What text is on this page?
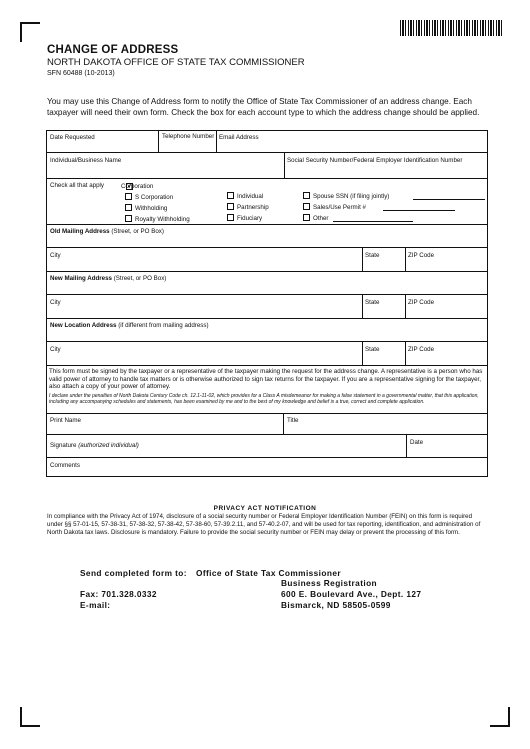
CHANGE OF ADDRESS
NORTH DAKOTA OFFICE OF STATE TAX COMMISSIONER
SFN 60488 (10-2013)
You may use this Change of Address form to notify the Office of State Tax Commissioner of an address change. Each taxpayer will need their own form. Check the box for each account type to which the address change should be applied.
Date Requested	Telephone Number Email Address
Individual/Business Name	Social Security Number/Federal Employer Identification Number
Check all that apply
✓	Corporation
S Corporation
Withholding
Royalty Withholding
Individual
Partnership
Fiduciary
Spouse SSN (if filing jointly)
Sales/Use Permit #
Other
Old Mailing Address (Street, or PO Box)
City	State	ZIP Code
New Mailing Address (Street, or PO Box)
City	State	ZIP Code
New Location Address (if different from mailing address)
City	State	ZIP Code
This form must be signed by the taxpayer or a representative of the taxpayer making the request for the address change. A representative is a person who has valid power of attorney to handle tax matters or is otherwise authorized to sign tax returns for the taxpayer. If you are a representative signing for the taxpayer, also attach a copy of your power of attorney.
I declare under the penalties of North Dakota Century Code ch. 12.1-11-02, which provides for a Class A misdemeanor for making a false statement in a governmental matter, that this application, including any accompanying schedules and statements, has been examined by me and to the best of my knowledge and belief is a true, correct and complete application.
Print Name	Title
Signature (authorized individual)	Date
Comments
PRIVACY ACT NOTIFICATION
In compliance with the Privacy Act of 1974, disclosure of a social security number or Federal Employer Identification Number (FEIN) on this form is required under §§ 57-01-15, 57-38-31, 57-38-32, 57-38-42, 57-38-60, 57-39.2.11, and 57-40.2-07, and will be used for tax reporting, identification, and administration of North Dakota tax laws. Disclosure is mandatory. Failure to provide the social security number or FEIN may delay or prevent the processing of this form.
Send completed form to: Office of State Tax Commissioner
Business Registration
600 E. Boulevard Ave., Dept. 127
Bismarck, ND 58505-0599
Fax: 701.328.0332
E-mail:
